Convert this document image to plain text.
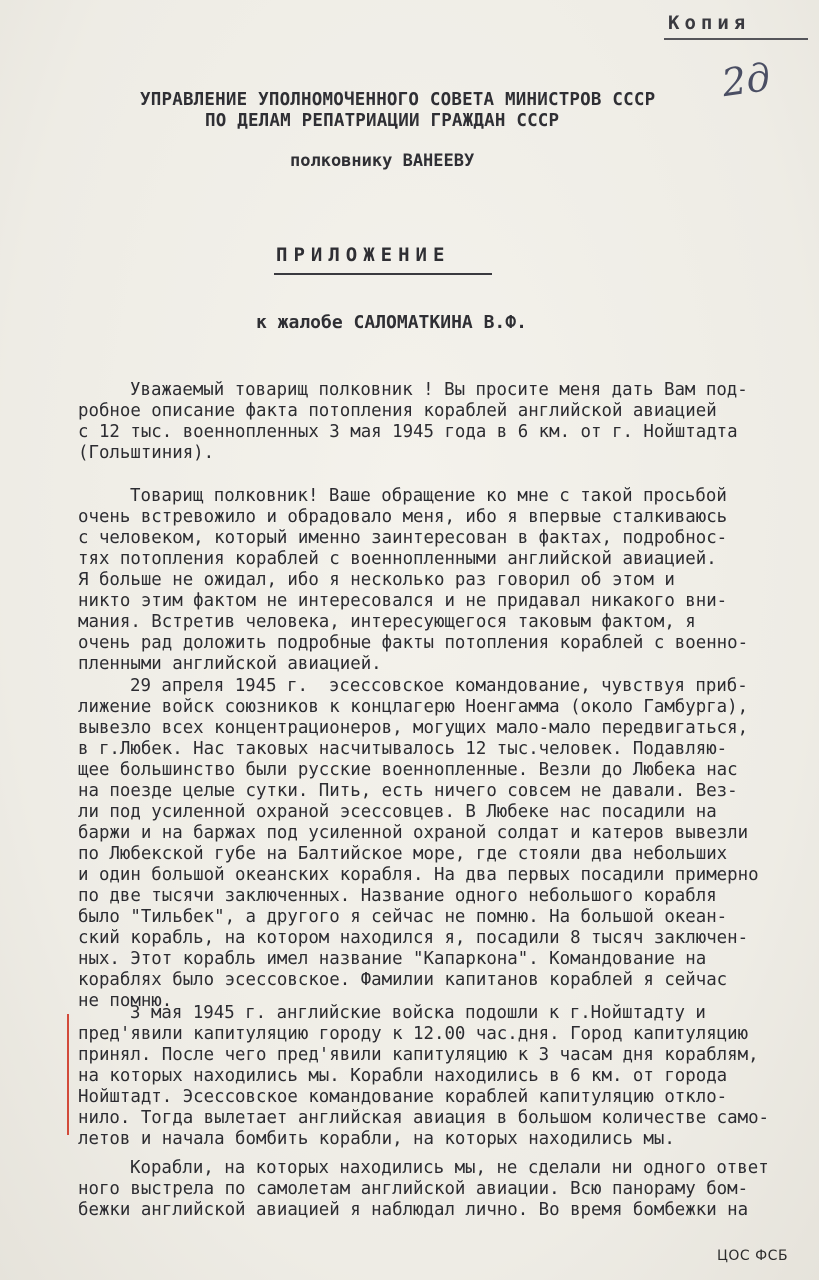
Копия
2д
УПРАВЛЕНИЕ УПОЛНОМОЧЕННОГО СОВЕТА МИНИСТРОВ СССР
ПО ДЕЛАМ РЕПАТРИАЦИИ ГРАЖДАН СССР
полковнику ВАНЕЕВУ
ПРИЛОЖЕНИЕ
к жалобе САЛОМАТКИНА В.Ф.
Уважаемый товарищ полковник ! Вы просите меня дать Вам под-
робное описание факта потопления кораблей английской авиацией
с 12 тыс. военнопленных 3 мая 1945 года в 6 км. от г. Нойштадта
(Гольштиния).
Товарищ полковник! Ваше обращение ко мне с такой просьбой
очень встревожило и обрадовало меня, ибо я впервые сталкиваюсь
с человеком, который именно заинтересован в фактах, подробнос-
тях потопления кораблей с военнопленными английской авиацией.
Я больше не ожидал, ибо я несколько раз говорил об этом и
никто этим фактом не интересовался и не придавал никакого вни-
мания. Встретив человека, интересующегося таковым фактом, я
очень рад доложить подробные факты потопления кораблей с военно-
пленными английской авиацией.
29 апреля 1945 г.  эсессовское командование, чувствуя приб-
лижение войск союзников к концлагерю Ноенгамма (около Гамбурга),
вывезло всех концентрационеров, могущих мало-мало передвигаться,
в г.Любек. Нас таковых насчитывалось 12 тыс.человек. Подавляю-
щее большинство были русские военнопленные. Везли до Любека нас
на поезде целые сутки. Пить, есть ничего совсем не давали. Вез-
ли под усиленной охраной эсессовцев. В Любеке нас посадили на
баржи и на баржах под усиленной охраной солдат и катеров вывезли
по Любекской губе на Балтийское море, где стояли два небольших
и один большой океанских корабля. На два первых посадили примерно
по две тысячи заключенных. Название одного небольшого корабля
было "Тильбек", а другого я сейчас не помню. На большой океан-
ский корабль, на котором находился я, посадили 8 тысяч заключен-
ных. Этот корабль имел название "Капаркона". Командование на
кораблях было эсессовское. Фамилии капитанов кораблей я сейчас
не помню.
3 мая 1945 г. английские войска подошли к г.Нойштадту и
пред'явили капитуляцию городу к 12.00 час.дня. Город капитуляцию
принял. После чего пред'явили капитуляцию к 3 часам дня кораблям,
на которых находились мы. Корабли находились в 6 км. от города
Нойштадт. Эсессовское командование кораблей капитуляцию откло-
нило. Тогда вылетает английская авиация в большом количестве само-
летов и начала бомбить корабли, на которых находились мы.
Корабли, на которых находились мы, не сделали ни одного ответ
ного выстрела по самолетам английской авиации. Всю панораму бом-
бежки английской авиацией я наблюдал лично. Во время бомбежки на
ЦОС ФСБ
